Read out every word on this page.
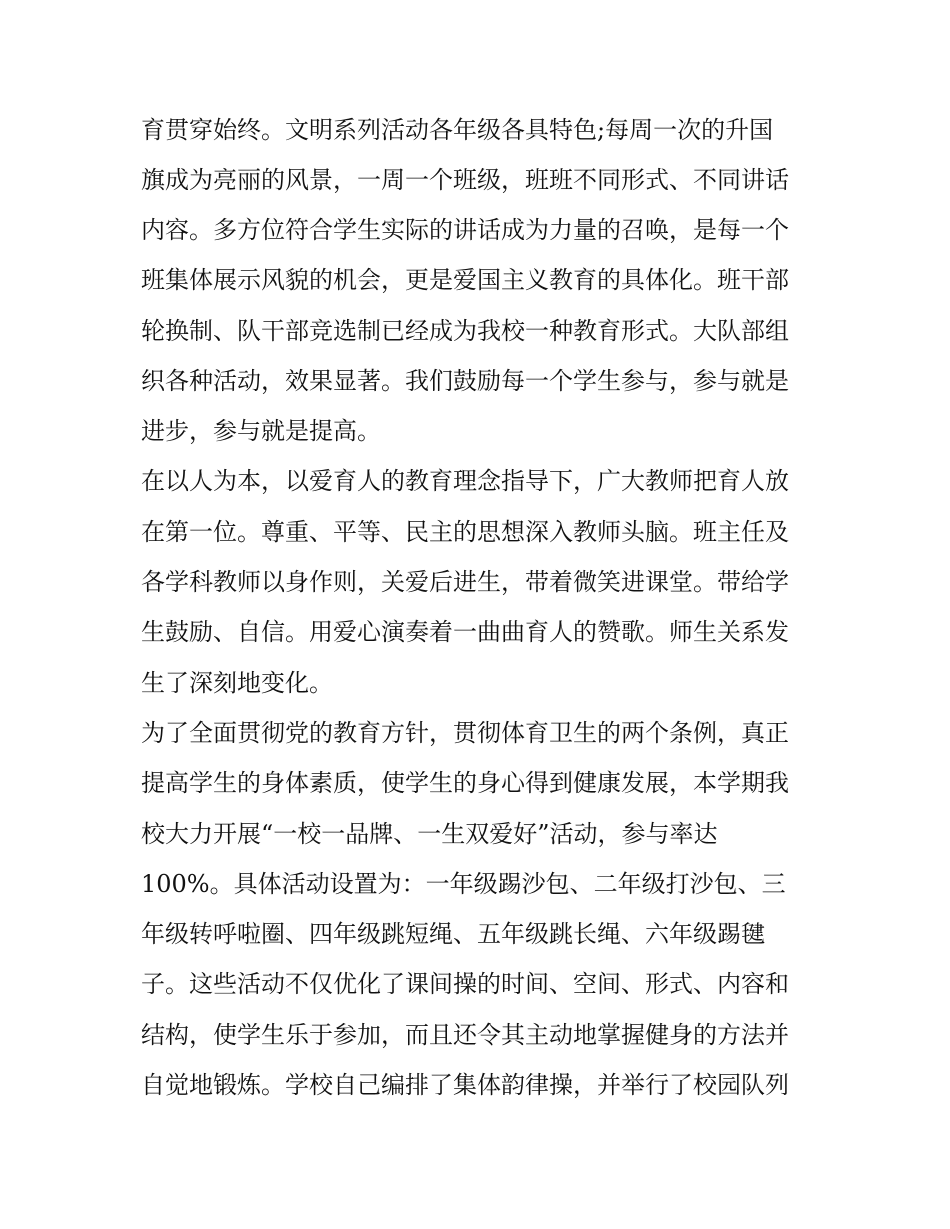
育贯穿始终。文明系列活动各年级各具特色;每周一次的升国

旗成为亮丽的风景，一周一个班级，班班不同形式、不同讲话

内容。多方位符合学生实际的讲话成为力量的召唤，是每一个

班集体展示风貌的机会，更是爱国主义教育的具体化。班干部

轮换制、队干部竞选制已经成为我校一种教育形式。大队部组

织各种活动，效果显著。我们鼓励每一个学生参与，参与就是

进步，参与就是提高。

在以人为本，以爱育人的教育理念指导下，广大教师把育人放

在第一位。尊重、平等、民主的思想深入教师头脑。班主任及

各学科教师以身作则，关爱后进生，带着微笑进课堂。带给学

生鼓励、自信。用爱心演奏着一曲曲育人的赞歌。师生关系发

生了深刻地变化。

为了全面贯彻党的教育方针，贯彻体育卫生的两个条例，真正

提高学生的身体素质，使学生的身心得到健康发展，本学期我

校大力开展“一校一品牌、一生双爱好”活动，参与率达

100%。具体活动设置为：一年级踢沙包、二年级打沙包、三

年级转呼啦圈、四年级跳短绳、五年级跳长绳、六年级踢毽

子。这些活动不仅优化了课间操的时间、空间、形式、内容和

结构，使学生乐于参加，而且还令其主动地掌握健身的方法并

自觉地锻炼。学校自己编排了集体韵律操，并举行了校园队列
